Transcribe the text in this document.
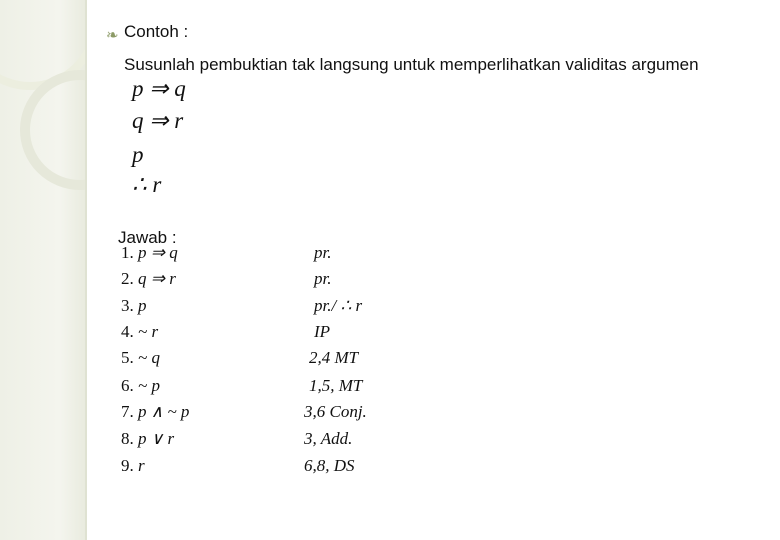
❧ Contoh :
Susunlah pembuktian tak langsung untuk memperlihatkan validitas argumen
p ⇒ q
q ⇒ r
p
∴ r
Jawab :
1. p ⇒ q	pr.
2. q ⇒ r	pr.
3. p	pr./ ∴ r
4. ~ r	IP
5. ~ q	2,4 MT
6. ~ p	1,5, MT
7. p ∧ ~ p	3,6 Conj.
8. p ∨ r	3, Add.
9. r	6,8, DS
